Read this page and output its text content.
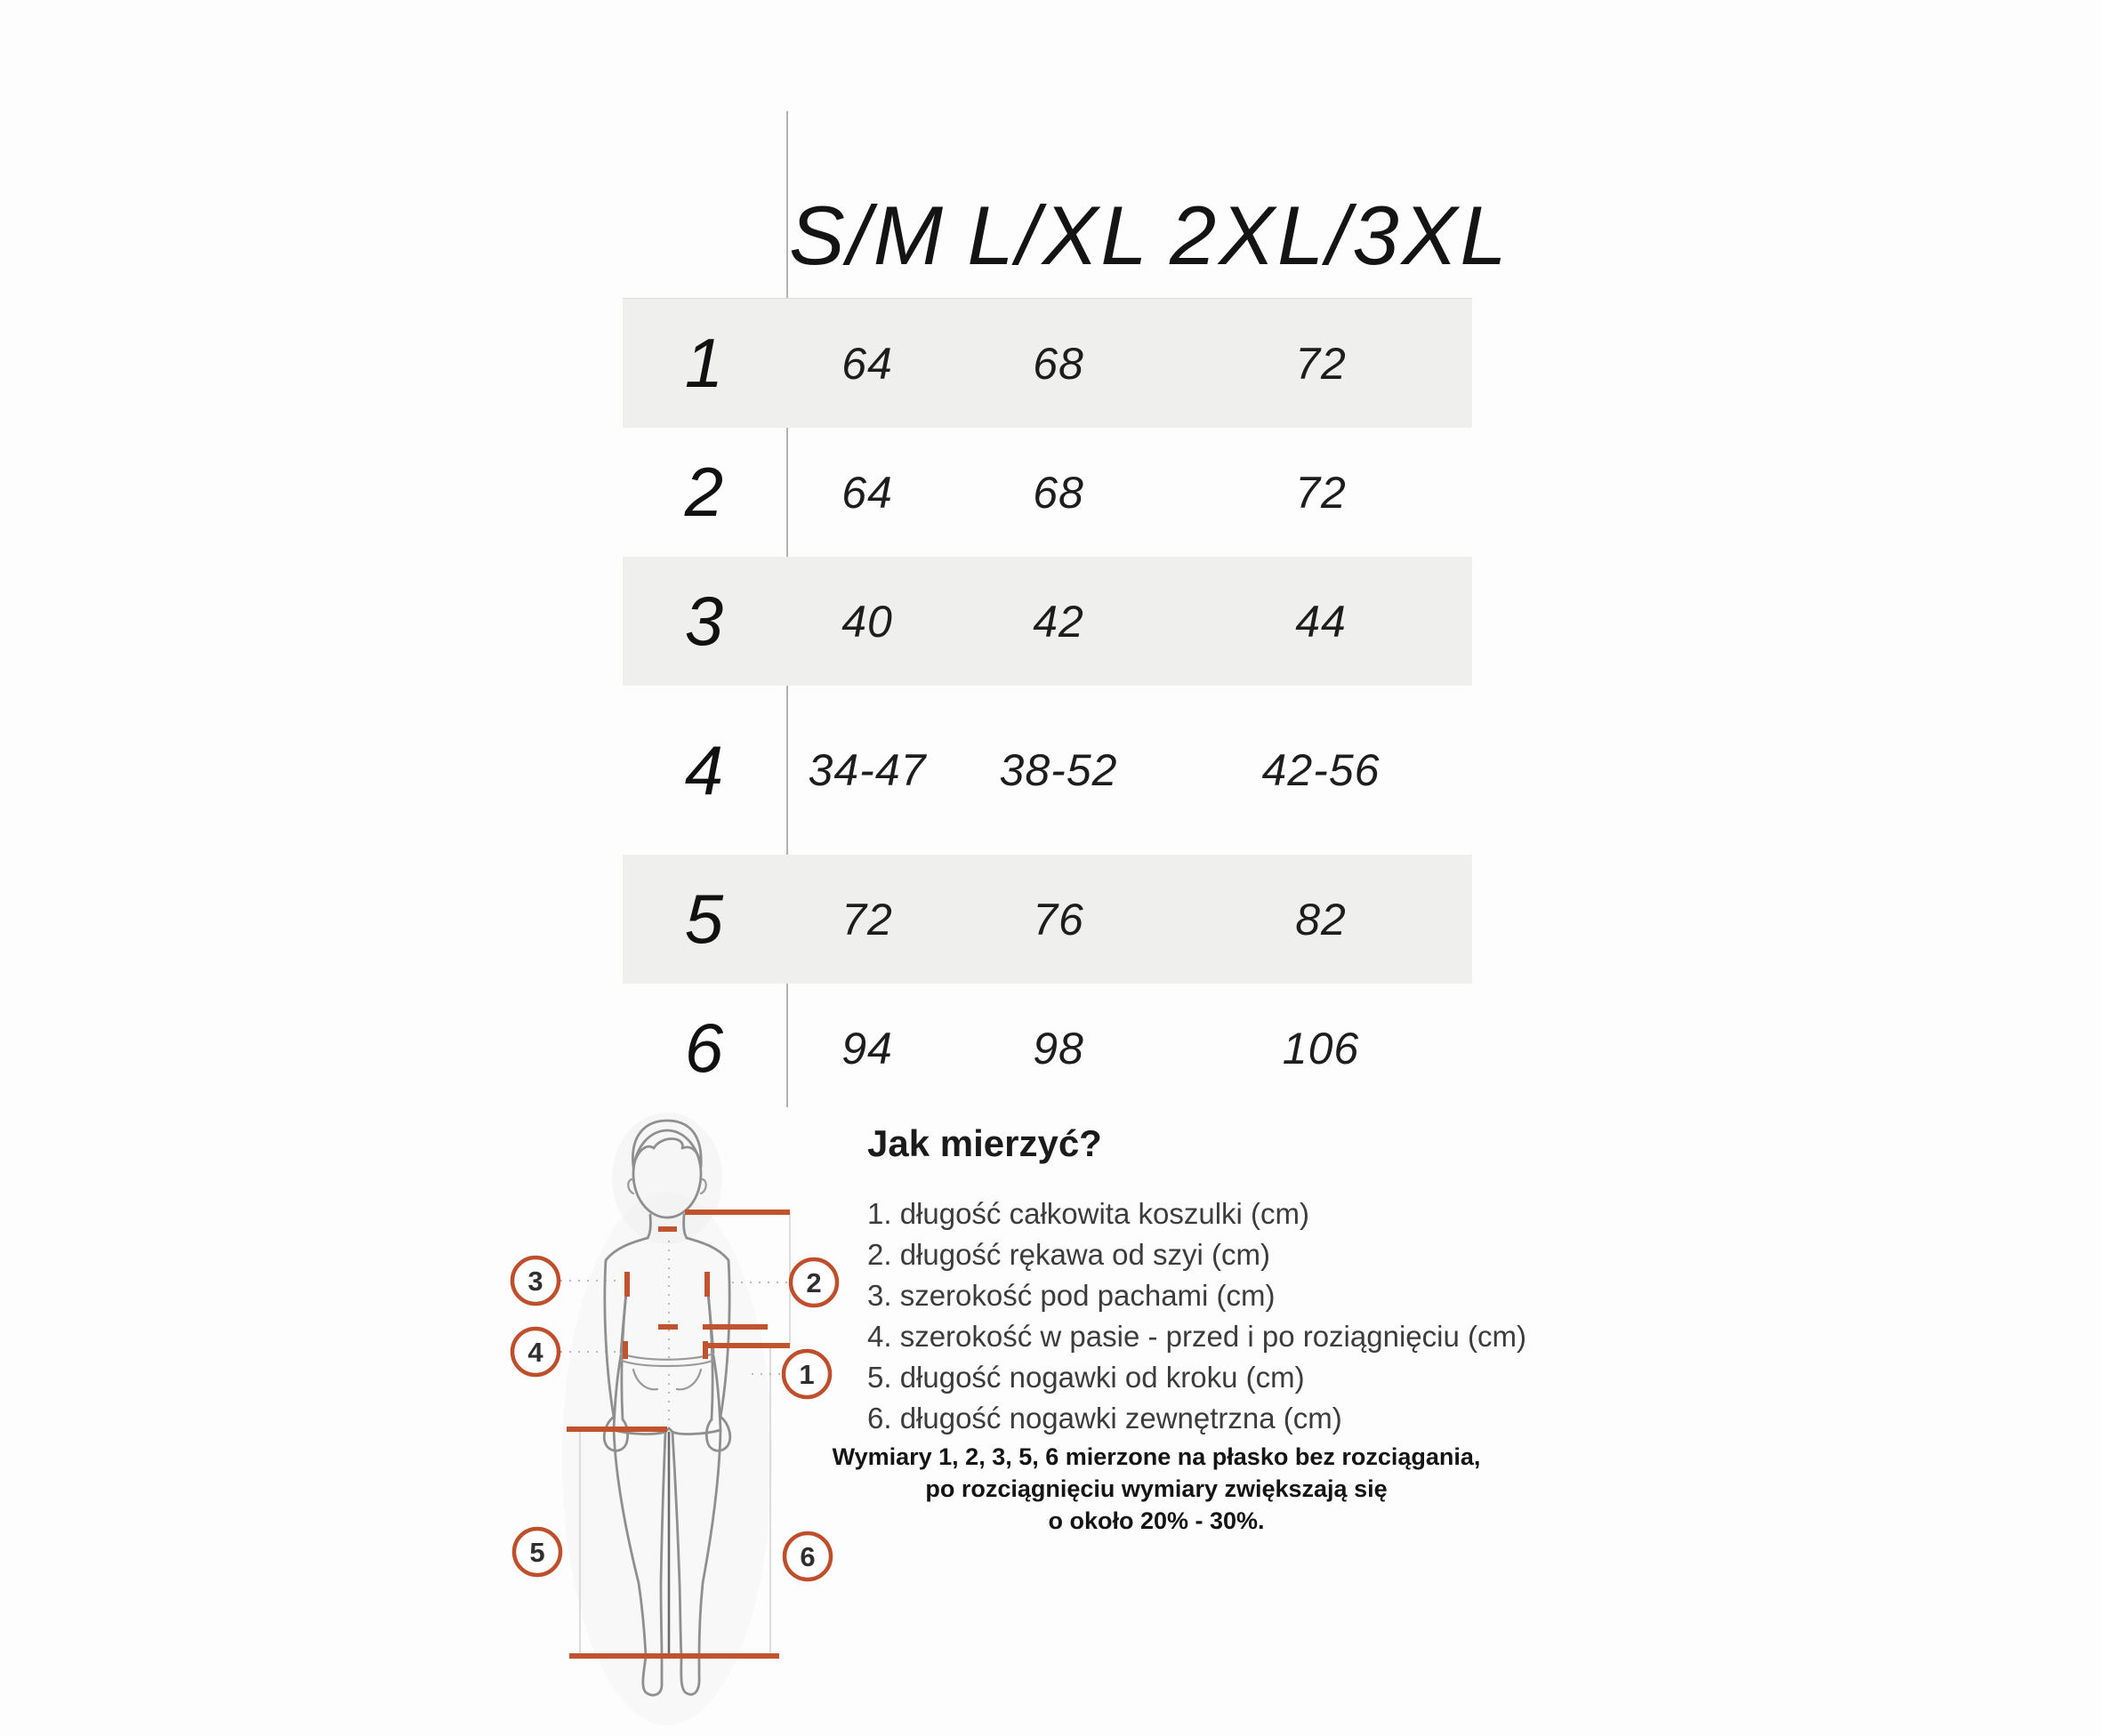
S/M L/XL 2XL/3XL
1	64	68	72
2	64	68	72
3	40	42	44
4	34-47	38-52	42-56
5	72	76	82
6	94	98	106
Jak mierzyć?
1. długość całkowita koszulki (cm)
2. długość rękawa od szyi (cm)
3. szerokość pod pachami (cm)
4. szerokość w pasie - przed i po roziągnięciu (cm)
5. długość nogawki od kroku (cm)
6. długość nogawki zewnętrzna (cm)
Wymiary 1, 2, 3, 5, 6 mierzone na płasko bez rozciągania,
po rozciągnięciu wymiary zwiększają się
o około 20% - 30%.
3	2
4
1
5	6
